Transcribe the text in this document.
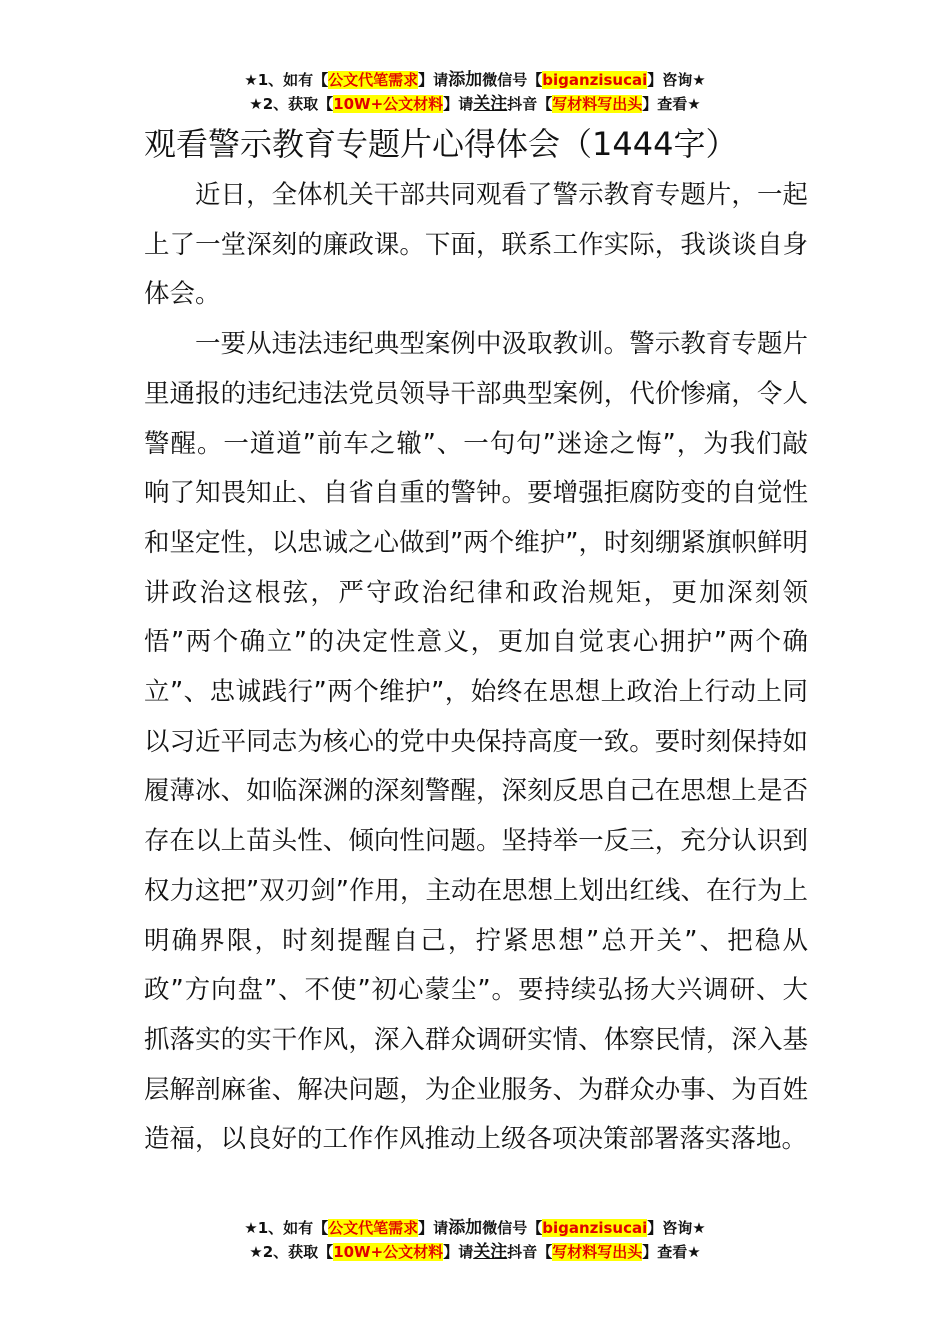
★1、如有【公文代笔需求】请添加微信号【biganzisucai】咨询★
★2、获取【10W+公文材料】请关注抖音【写材料写出头】查看★
观看警示教育专题片心得体会（1444字）

近日，全体机关干部共同观看了警示教育专题片，一起上了一堂深刻的廉政课。下面，联系工作实际，我谈谈自身体会。

一要从违法违纪典型案例中汲取教训。警示教育专题片里通报的违纪违法党员领导干部典型案例，代价惨痛，令人警醒。一道道”前车之辙”、一句句”迷途之悔”，为我们敲响了知畏知止、自省自重的警钟。要增强拒腐防变的自觉性和坚定性，以忠诚之心做到”两个维护”，时刻绷紧旗帜鲜明讲政治这根弦，严守政治纪律和政治规矩，更加深刻领悟”两个确立”的决定性意义，更加自觉衷心拥护”两个确立”、忠诚践行”两个维护”，始终在思想上政治上行动上同以习近平同志为核心的党中央保持高度一致。要时刻保持如履薄冰、如临深渊的深刻警醒，深刻反思自己在思想上是否存在以上苗头性、倾向性问题。坚持举一反三，充分认识到权力这把”双刃剑”作用，主动在思想上划出红线、在行为上明确界限，时刻提醒自己，拧紧思想”总开关”、把稳从政”方向盘”、不使”初心蒙尘”。要持续弘扬大兴调研、大抓落实的实干作风，深入群众调研实情、体察民情，深入基层解剖麻雀、解决问题，为企业服务、为群众办事、为百姓造福，以良好的工作作风推动上级各项决策部署落实落地。

★1、如有【公文代笔需求】请添加微信号【biganzisucai】咨询★
★2、获取【10W+公文材料】请关注抖音【写材料写出头】查看★
